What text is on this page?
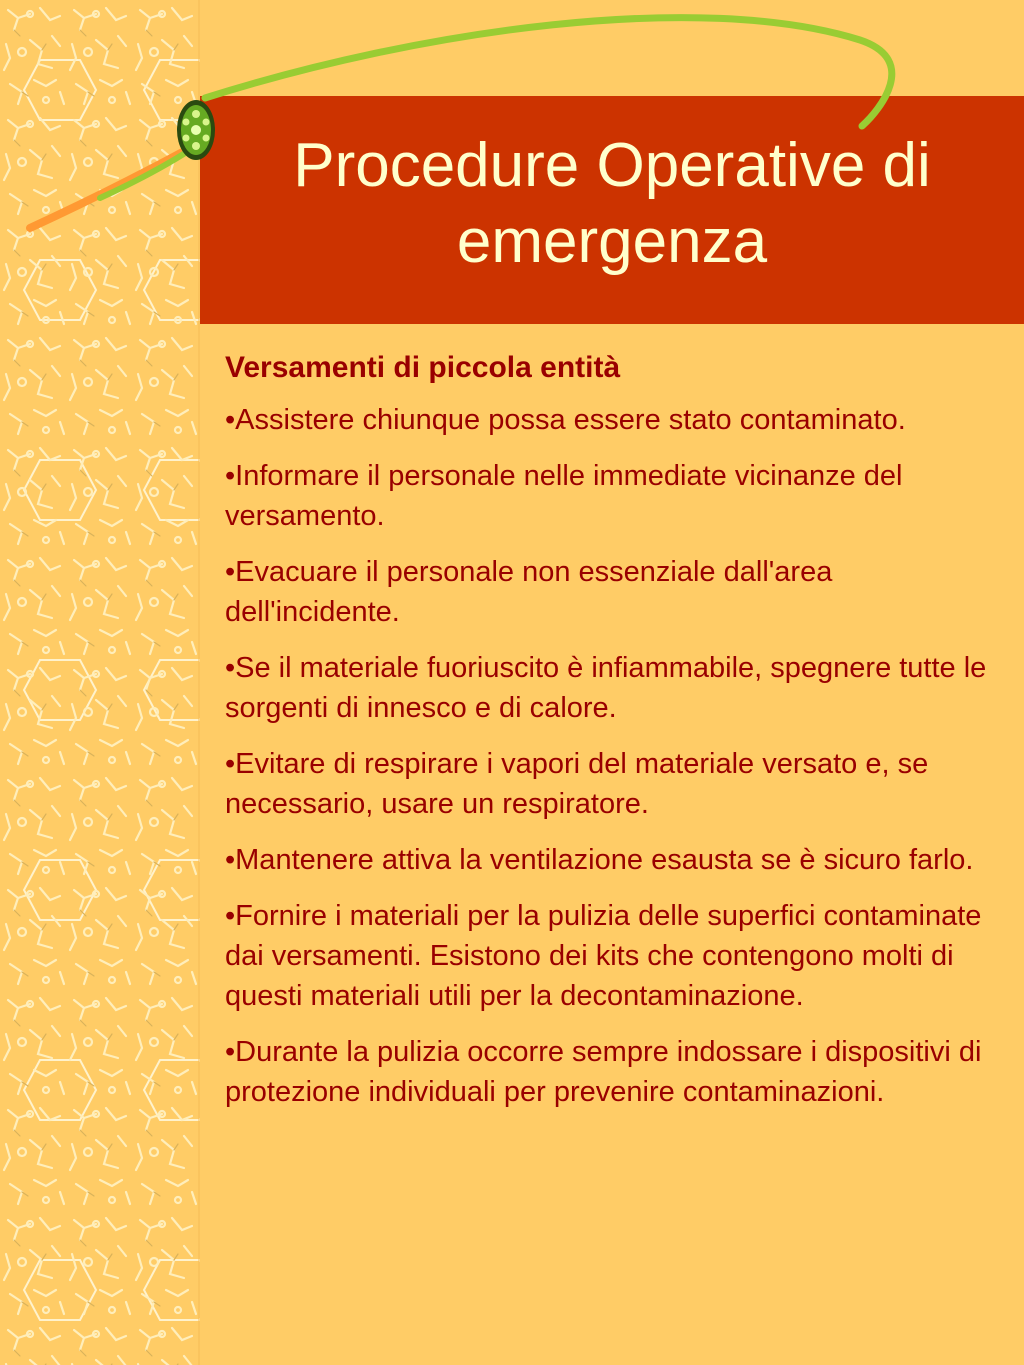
Procedure Operative di
emergenza
Versamenti di piccola entità
•Assistere chiunque possa essere stato contaminato.
•Informare il personale nelle immediate vicinanze del versamento.
•Evacuare il personale non essenziale dall'area dell'incidente.
•Se il materiale fuoriuscito è infiammabile, spegnere tutte le sorgenti di innesco e di calore.
•Evitare di respirare i vapori del materiale versato e, se necessario, usare un respiratore.
•Mantenere attiva la ventilazione esausta se è sicuro farlo.
•Fornire i materiali per la pulizia delle superfici contaminate dai versamenti. Esistono dei kits che contengono molti di questi materiali utili per la decontaminazione.
•Durante la pulizia occorre sempre indossare i dispositivi di protezione individuali per prevenire contaminazioni.
